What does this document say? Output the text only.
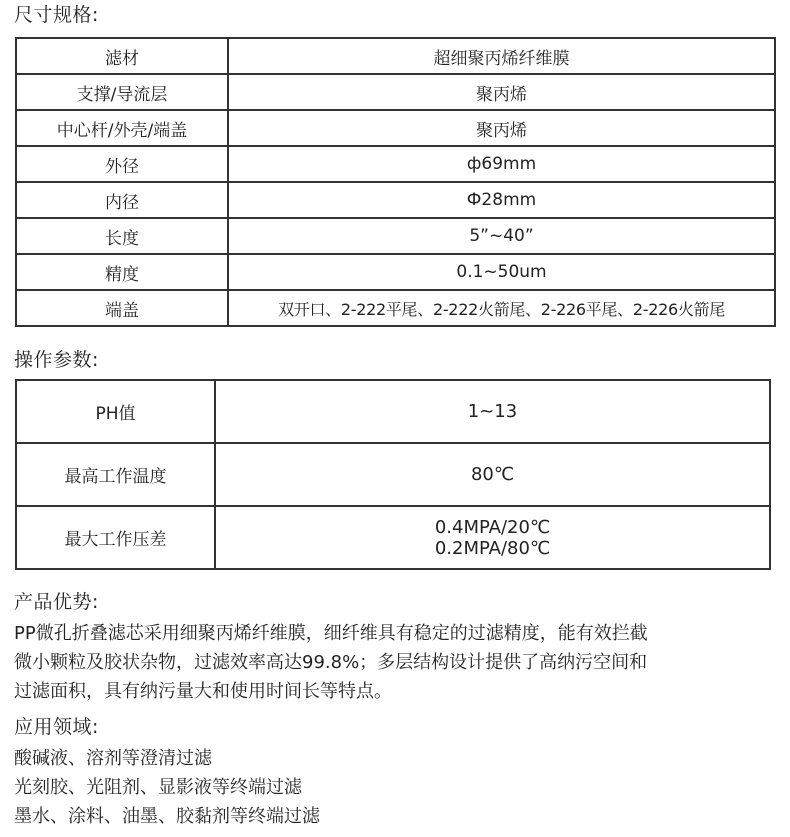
尺寸规格:
滤材	超细聚丙烯纤维膜
支撑/导流层	聚丙烯
中心杆/外壳/端盖	聚丙烯
外径	ф69mm
内径	Ф28mm
长度	5”~40”
精度	0.1~50um
端盖	双开口、2-222平尾、2-222火箭尾、2-226平尾、2-226火箭尾
操作参数:
PH值	1~13
最高工作温度	80℃
最大工作压差	0.4MPA/20℃
0.2MPA/80℃
产品优势:

PP微孔折叠滤芯采用细聚丙烯纤维膜，细纤维具有稳定的过滤精度，能有效拦截

微小颗粒及胶状杂物，过滤效率高达99.8%；多层结构设计提供了高纳污空间和

过滤面积，具有纳污量大和使用时间长等特点。

应用领域:

酸碱液、溶剂等澄清过滤

光刻胶、光阻剂、显影液等终端过滤

墨水、涂料、油墨、胶黏剂等终端过滤
